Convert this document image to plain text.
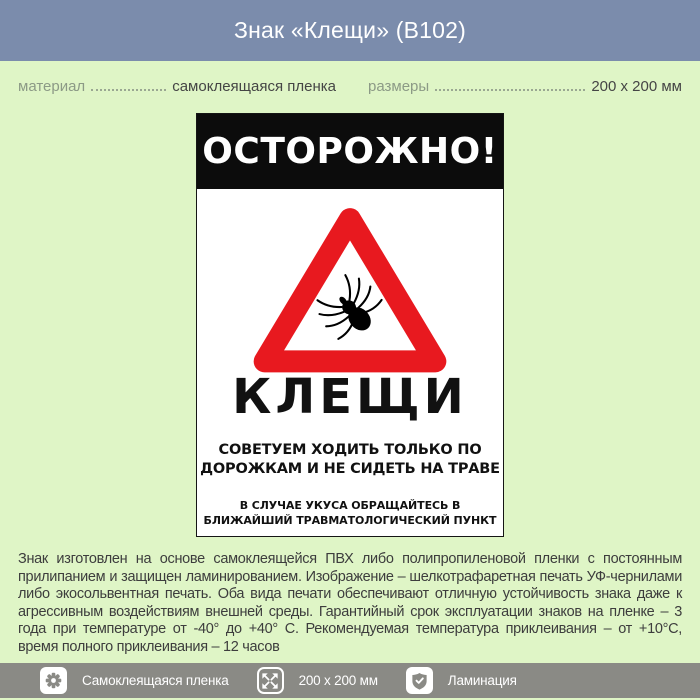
Знак «Клещи» (В102)
материал	самоклеящаяся пленка размеры	200 x 200 мм
ОСТОРОЖНО!
КЛЕЩИ
СОВЕТУЕМ ХОДИТЬ ТОЛЬКО ПО
ДОРОЖКАМ И НЕ СИДЕТЬ НА ТРАВЕ
В СЛУЧАЕ УКУСА ОБРАЩАЙТЕСЬ В
БЛИЖАЙШИЙ ТРАВМАТОЛОГИЧЕСКИЙ ПУНКТ
Знак изготовлен на основе самоклеящейся ПВХ либо полипропиленовой пленки с постоянным прилипанием и защищен ламинированием. Изображение – шелкотрафаретная печать УФ-чернилами либо экосольвентная печать. Оба вида печати обеспечивают отличную устойчивость знака даже к агрессивным воздействиям внешней среды. Гарантийный срок эксплуатации знаков на пленке – 3 года при температуре от -40° до +40° С. Рекомендуемая температура приклеивания – от +10°С, время полного приклеивания – 12 часов
Самоклеящаяся пленка	200 x 200 мм	Ламинация
